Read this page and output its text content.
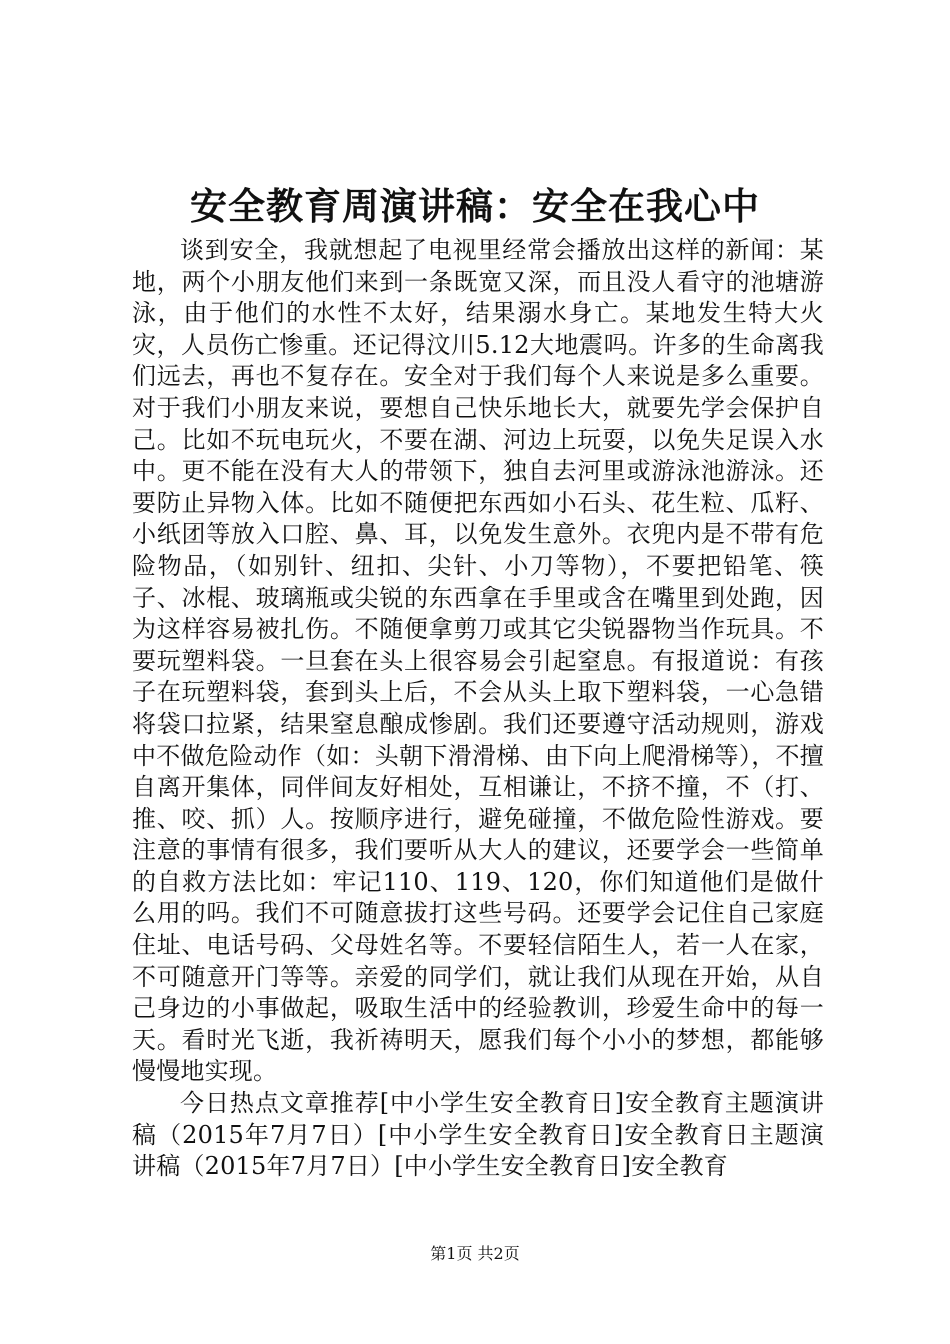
安全教育周演讲稿：安全在我心中

谈到安全，我就想起了电视里经常会播放出这样的新闻：某地，两个小朋友他们来到一条既宽又深，而且没人看守的池塘游泳，由于他们的水性不太好，结果溺水身亡。某地发生特大火灾，人员伤亡惨重。还记得汶川5.12大地震吗。许多的生命离我们远去，再也不复存在。安全对于我们每个人来说是多么重要。对于我们小朋友来说，要想自己快乐地长大，就要先学会保护自己。比如不玩电玩火，不要在湖、河边上玩耍，以免失足误入水中。更不能在没有大人的带领下，独自去河里或游泳池游泳。还要防止异物入体。比如不随便把东西如小石头、花生粒、瓜籽、小纸团等放入口腔、鼻、耳，以免发生意外。衣兜内是不带有危险物品，（如别针、纽扣、尖针、小刀等物），不要把铅笔、筷子、冰棍、玻璃瓶或尖锐的东西拿在手里或含在嘴里到处跑，因为这样容易被扎伤。不随便拿剪刀或其它尖锐器物当作玩具。不要玩塑料袋。一旦套在头上很容易会引起窒息。有报道说：有孩子在玩塑料袋，套到头上后，不会从头上取下塑料袋，一心急错将袋口拉紧，结果窒息酿成惨剧。我们还要遵守活动规则，游戏中不做危险动作（如：头朝下滑滑梯、由下向上爬滑梯等），不擅自离开集体，同伴间友好相处，互相谦让，不挤不撞，不（打、推、咬、抓）人。按顺序进行，避免碰撞，不做危险性游戏。要注意的事情有很多，我们要听从大人的建议，还要学会一些简单的自救方法比如：牢记110、119、120，你们知道他们是做什么用的吗。我们不可随意拔打这些号码。还要学会记住自己家庭住址、电话号码、父母姓名等。不要轻信陌生人，若一人在家，不可随意开门等等。亲爱的同学们，就让我们从现在开始，从自己身边的小事做起，吸取生活中的经验教训，珍爱生命中的每一天。看时光飞逝，我祈祷明天，愿我们每个小小的梦想，都能够慢慢地实现。

今日热点文章推荐[中小学生安全教育日]安全教育主题演讲稿（2015年7月7日）[中小学生安全教育日]安全教育日主题演讲稿（2015年7月7日）[中小学生安全教育日]安全教育

第1页 共2页
